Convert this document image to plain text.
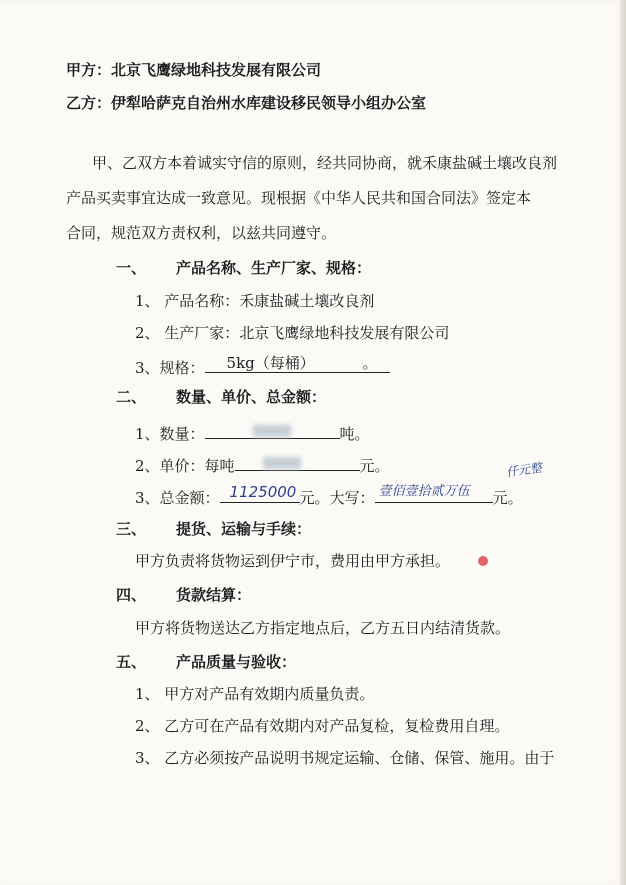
甲方：北京飞鹰绿地科技发展有限公司
乙方：伊犁哈萨克自治州水库建设移民领导小组办公室
甲、乙双方本着诚实守信的原则，经共同协商，就禾康盐碱土壤改良剂
产品买卖事宜达成一致意见。现根据《中华人民共和国合同法》签定本
合同，规范双方责权利，以兹共同遵守。
一、 产品名称、生产厂家、规格：
1、 产品名称：禾康盐碱土壤改良剂
2、 生产厂家：北京飞鹰绿地科技发展有限公司
3、规格： 5kg（每桶）	。
二、 数量、单价、总金额：
1、数量：	吨。
2、单价：每吨	元。
3、总金额： 1125000 元。大写： 壹佰壹拾贰万伍 元。
仟元整
三、 提货、运输与手续：
甲方负责将货物运到伊宁市，费用由甲方承担。
四、 货款结算：
甲方将货物送达乙方指定地点后，乙方五日内结清货款。
五、 产品质量与验收：
1、 甲方对产品有效期内质量负责。
2、 乙方可在产品有效期内对产品复检，复检费用自理。
3、 乙方必须按产品说明书规定运输、仓储、保管、施用。由于
